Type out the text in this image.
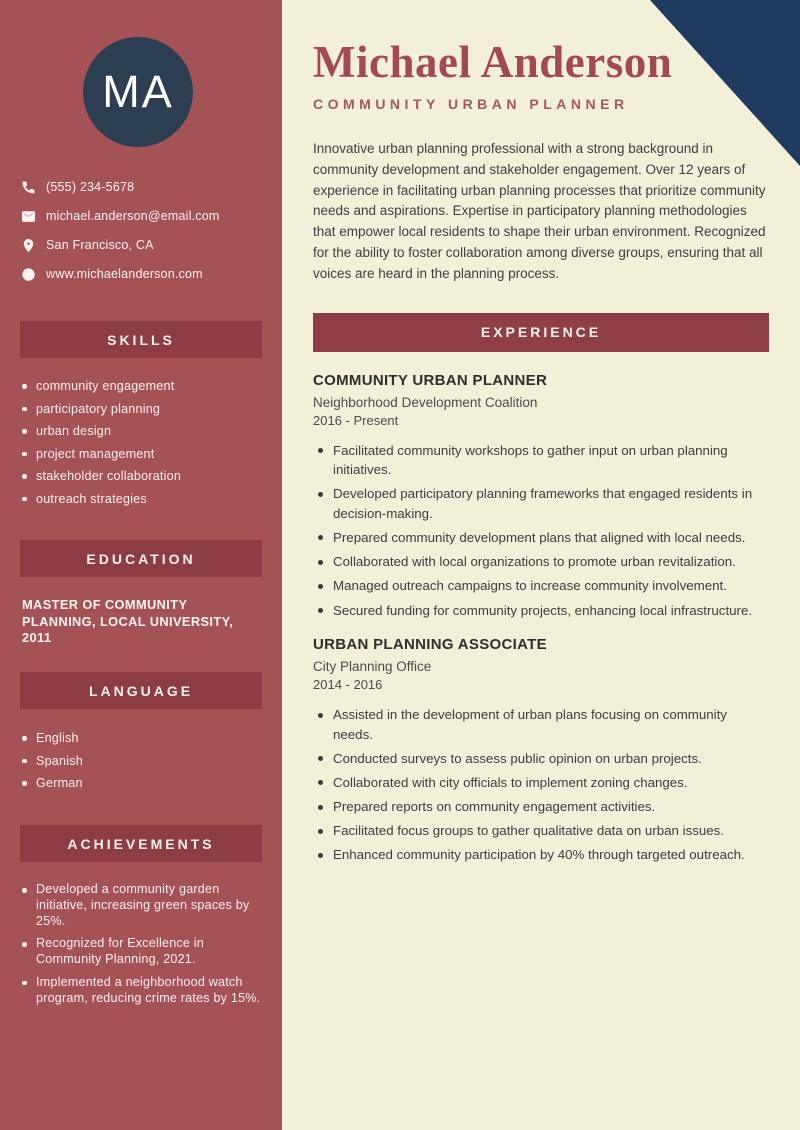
MA
(555) 234-5678
michael.anderson@email.com
San Francisco, CA
www.michaelanderson.com
SKILLS
community engagement
participatory planning
urban design
project management
stakeholder collaboration
outreach strategies
EDUCATION
MASTER OF COMMUNITY PLANNING, LOCAL UNIVERSITY, 2011
LANGUAGE
English
Spanish
German
ACHIEVEMENTS
Developed a community garden initiative, increasing green spaces by 25%.
Recognized for Excellence in Community Planning, 2021.
Implemented a neighborhood watch program, reducing crime rates by 15%.
Michael Anderson
COMMUNITY URBAN PLANNER

Innovative urban planning professional with a strong background in community development and stakeholder engagement. Over 12 years of experience in facilitating urban planning processes that prioritize community needs and aspirations. Expertise in participatory planning methodologies that empower local residents to shape their urban environment. Recognized for the ability to foster collaboration among diverse groups, ensuring that all voices are heard in the planning process.

EXPERIENCE
COMMUNITY URBAN PLANNER
Neighborhood Development Coalition
2016 - Present
Facilitated community workshops to gather input on urban planning initiatives.
Developed participatory planning frameworks that engaged residents in decision-making.
Prepared community development plans that aligned with local needs.
Collaborated with local organizations to promote urban revitalization.
Managed outreach campaigns to increase community involvement.
Secured funding for community projects, enhancing local infrastructure.
URBAN PLANNING ASSOCIATE
City Planning Office
2014 - 2016
Assisted in the development of urban plans focusing on community needs.
Conducted surveys to assess public opinion on urban projects.
Collaborated with city officials to implement zoning changes.
Prepared reports on community engagement activities.
Facilitated focus groups to gather qualitative data on urban issues.
Enhanced community participation by 40% through targeted outreach.
